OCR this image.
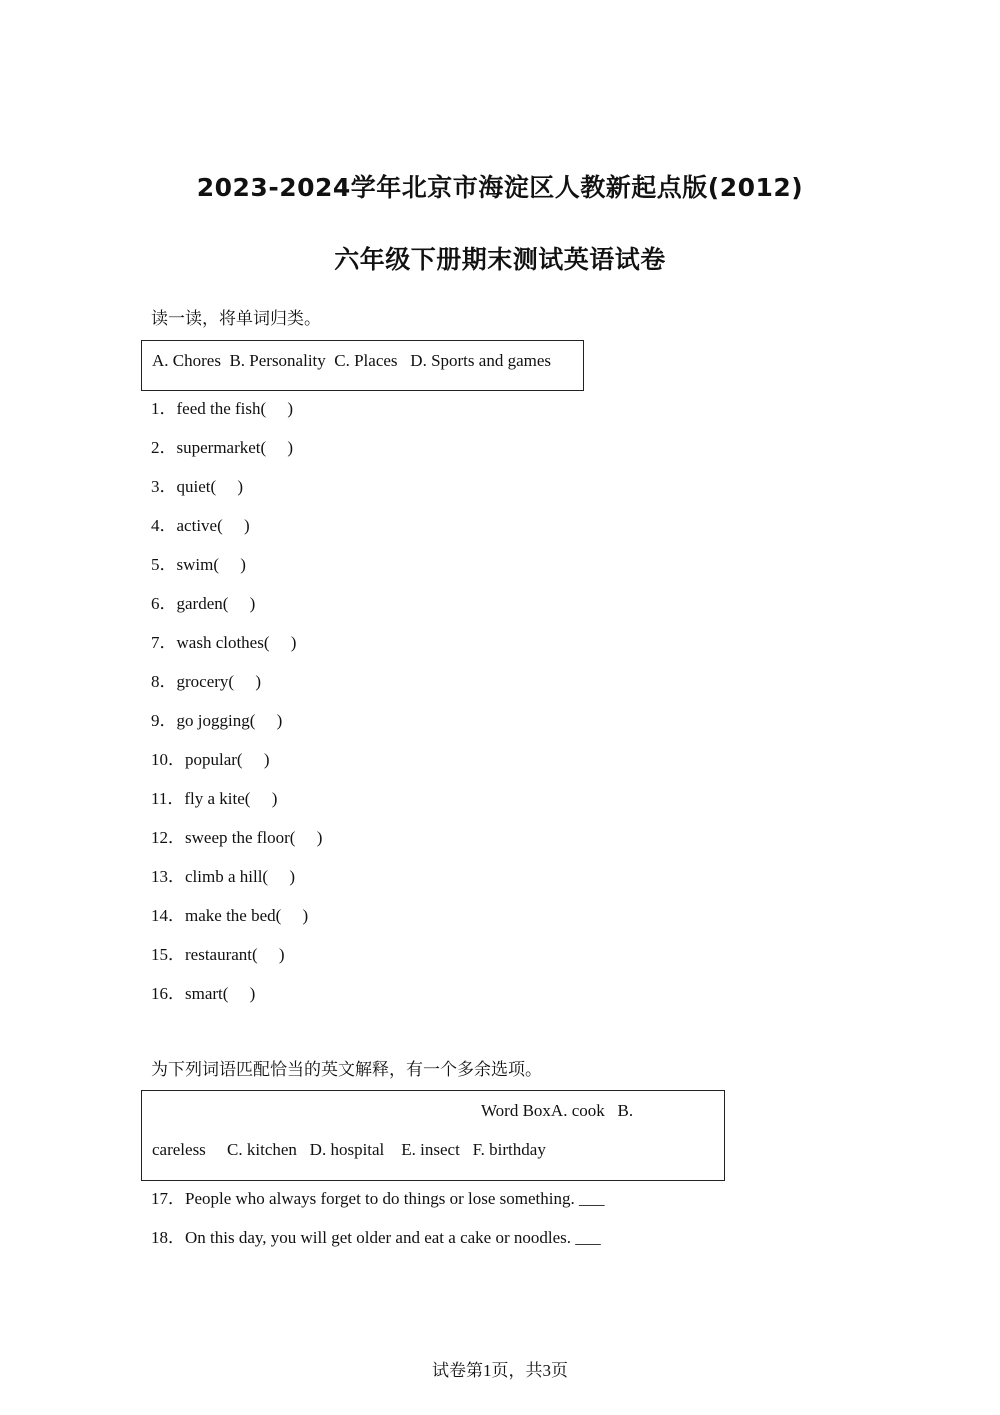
2023-2024学年北京市海淀区人教新起点版(2012)
六年级下册期末测试英语试卷
读一读，将单词归类。
A. Chores  B. Personality  C. Places   D. Sports and games
1．feed the fish(     )
2．supermarket(     )
3．quiet(     )
4．active(     )
5．swim(     )
6．garden(     )
7．wash clothes(     )
8．grocery(     )
9．go jogging(     )
10．popular(     )
11．fly a kite(     )
12．sweep the floor(     )
13．climb a hill(     )
14．make the bed(     )
15．restaurant(     )
16．smart(     )
为下列词语匹配恰当的英文解释，有一个多余选项。
Word BoxA. cook   B.
careless     C. kitchen   D. hospital    E. insect   F. birthday
17．People who always forget to do things or lose something. ___
18．On this day, you will get older and eat a cake or noodles. ___
试卷第1页，共3页
